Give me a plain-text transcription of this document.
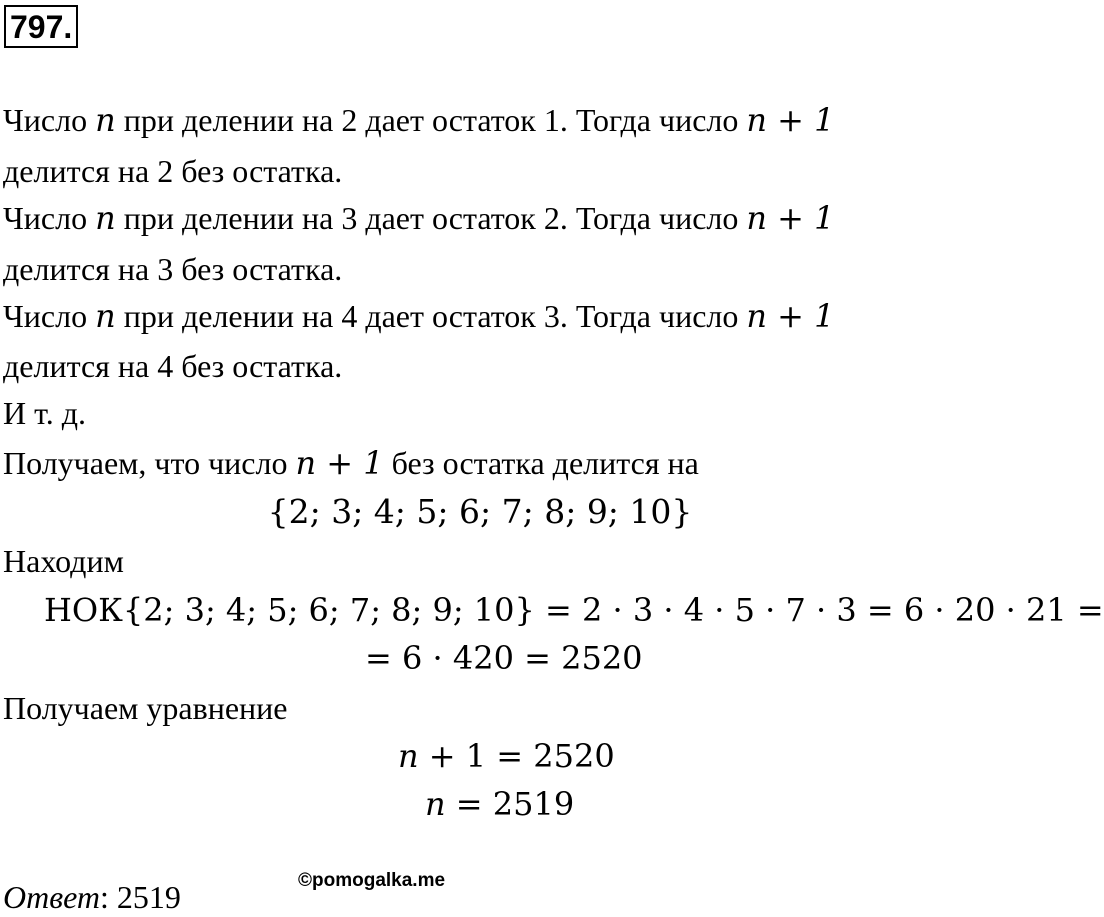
797.
Число n при делении на 2 дает остаток 1. Тогда число n + 1
делится на 2 без остатка.
Число n при делении на 3 дает остаток 2. Тогда число n + 1
делится на 3 без остатка.
Число n при делении на 4 дает остаток 3. Тогда число n + 1
делится на 4 без остатка.
И т. д.
Получаем, что число n + 1 без остатка делится на
{2; 3; 4; 5; 6; 7; 8; 9; 10}
Находим
НОК{2; 3; 4; 5; 6; 7; 8; 9; 10} = 2 · 3 · 4 · 5 · 7 · 3 = 6 · 20 · 21 =
= 6 · 420 = 2520
Получаем уравнение
n + 1 = 2520
n = 2519
©pomogalka.me
Ответ: 2519
